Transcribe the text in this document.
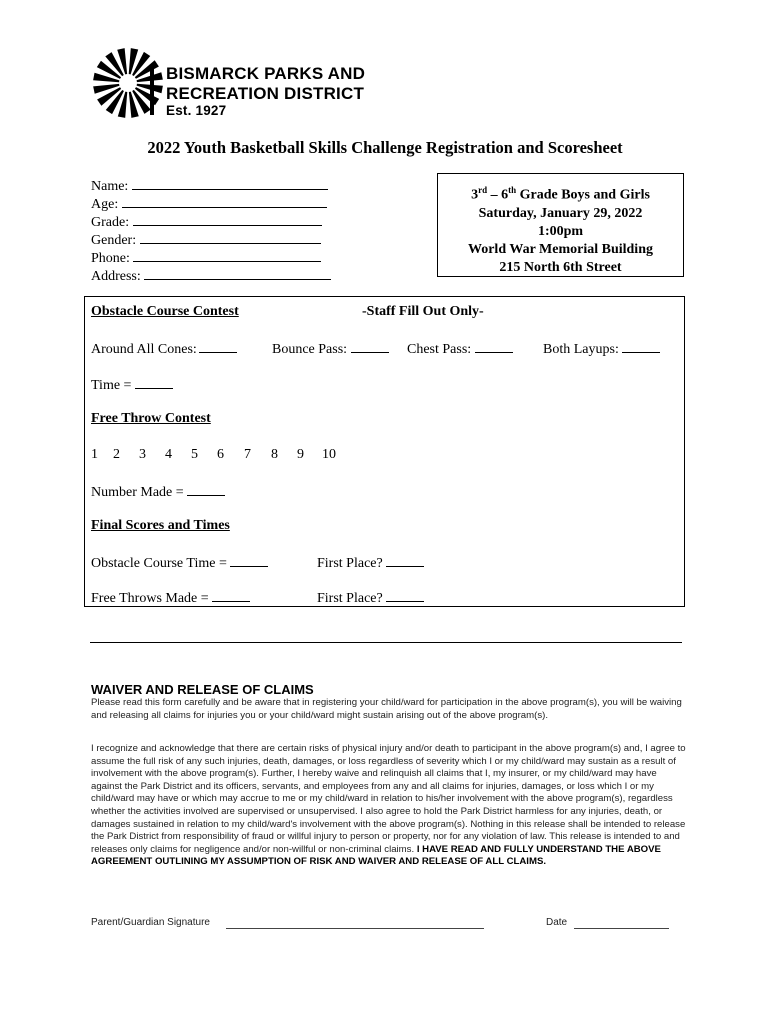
BISMARCK PARKS AND
RECREATION DISTRICT
Est. 1927
2022 Youth Basketball Skills Challenge Registration and Scoresheet
Name:
Age:
Grade:
Gender:
Phone:
Address:
3rd – 6th Grade Boys and Girls
Saturday, January 29, 2022
1:00pm
World War Memorial Building
215 North 6th Street
Obstacle Course Contest	-Staff Fill Out Only-
Around All Cones:	Bounce Pass:	Chest Pass:	Both Layups:
Time =
Free Throw Contest
1 2 3 4 5 6 7 8 9 10
Number Made =
Final Scores and Times
Obstacle Course Time =	First Place?
Free Throws Made =	First Place?
WAIVER AND RELEASE OF CLAIMS
Please read this form carefully and be aware that in registering your child/ward for participation in the above program(s), you will be waiving and releasing all claims for injuries you or your child/ward might sustain arising out of the above program(s).
I recognize and acknowledge that there are certain risks of physical injury and/or death to participant in the above program(s) and, I agree to assume the full risk of any such injuries, death, damages, or loss regardless of severity which I or my child/ward may sustain as a result of involvement with the above program(s). Further, I hereby waive and relinquish all claims that I, my insurer, or my child/ward may have against the Park District and its officers, servants, and employees from any and all claims for injuries, damages, or loss which I or my child/ward may have or which may accrue to me or my child/ward in relation to his/her involvement with the above program(s), regardless whether the activities involved are supervised or unsupervised. I also agree to hold the Park District harmless for any injuries, death, or damages sustained in relation to my child/ward's involvement with the above program(s). Nothing in this release shall be intended to release the Park District from responsibility of fraud or willful injury to person or property, nor for any violation of law. This release is intended to and releases only claims for negligence and/or non-willful or non-criminal claims. I HAVE READ AND FULLY UNDERSTAND THE ABOVE AGREEMENT OUTLINING MY ASSUMPTION OF RISK AND WAIVER AND RELEASE OF ALL CLAIMS.
Parent/Guardian Signature	Date
